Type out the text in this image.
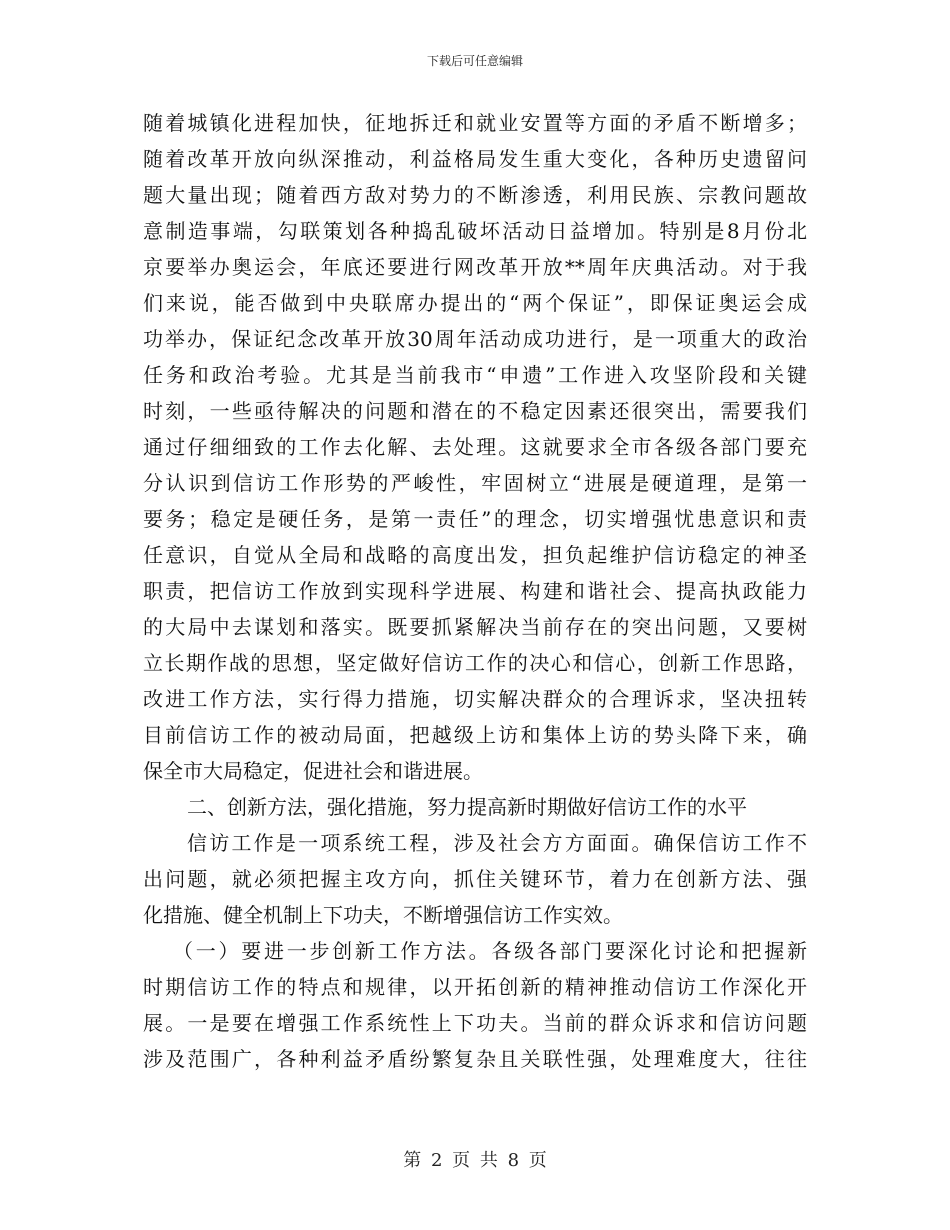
下载后可任意编辑
随着城镇化进程加快，征地拆迁和就业安置等方面的矛盾不断增多；
随着改革开放向纵深推动，利益格局发生重大变化，各种历史遗留问
题大量出现；随着西方敌对势力的不断渗透，利用民族、宗教问题故
意制造事端，勾联策划各种捣乱破坏活动日益增加。特别是8月份北
京要举办奥运会，年底还要进行网改革开放**周年庆典活动。对于我
们来说，能否做到中央联席办提出的“两个保证”，即保证奥运会成
功举办，保证纪念改革开放30周年活动成功进行，是一项重大的政治
任务和政治考验。尤其是当前我市“申遗”工作进入攻坚阶段和关键
时刻，一些亟待解决的问题和潜在的不稳定因素还很突出，需要我们
通过仔细细致的工作去化解、去处理。这就要求全市各级各部门要充
分认识到信访工作形势的严峻性，牢固树立“进展是硬道理，是第一
要务；稳定是硬任务，是第一责任”的理念，切实增强忧患意识和责
任意识，自觉从全局和战略的高度出发，担负起维护信访稳定的神圣
职责，把信访工作放到实现科学进展、构建和谐社会、提高执政能力
的大局中去谋划和落实。既要抓紧解决当前存在的突出问题，又要树
立长期作战的思想，坚定做好信访工作的决心和信心，创新工作思路，
改进工作方法，实行得力措施，切实解决群众的合理诉求，坚决扭转
目前信访工作的被动局面，把越级上访和集体上访的势头降下来，确
保全市大局稳定，促进社会和谐进展。
二、创新方法，强化措施，努力提高新时期做好信访工作的水平
信访工作是一项系统工程，涉及社会方方面面。确保信访工作不
出问题，就必须把握主攻方向，抓住关键环节，着力在创新方法、强
化措施、健全机制上下功夫，不断增强信访工作实效。
（一）要进一步创新工作方法。各级各部门要深化讨论和把握新
时期信访工作的特点和规律，以开拓创新的精神推动信访工作深化开
展。一是要在增强工作系统性上下功夫。当前的群众诉求和信访问题
涉及范围广，各种利益矛盾纷繁复杂且关联性强，处理难度大，往往
第 2 页 共 8 页
